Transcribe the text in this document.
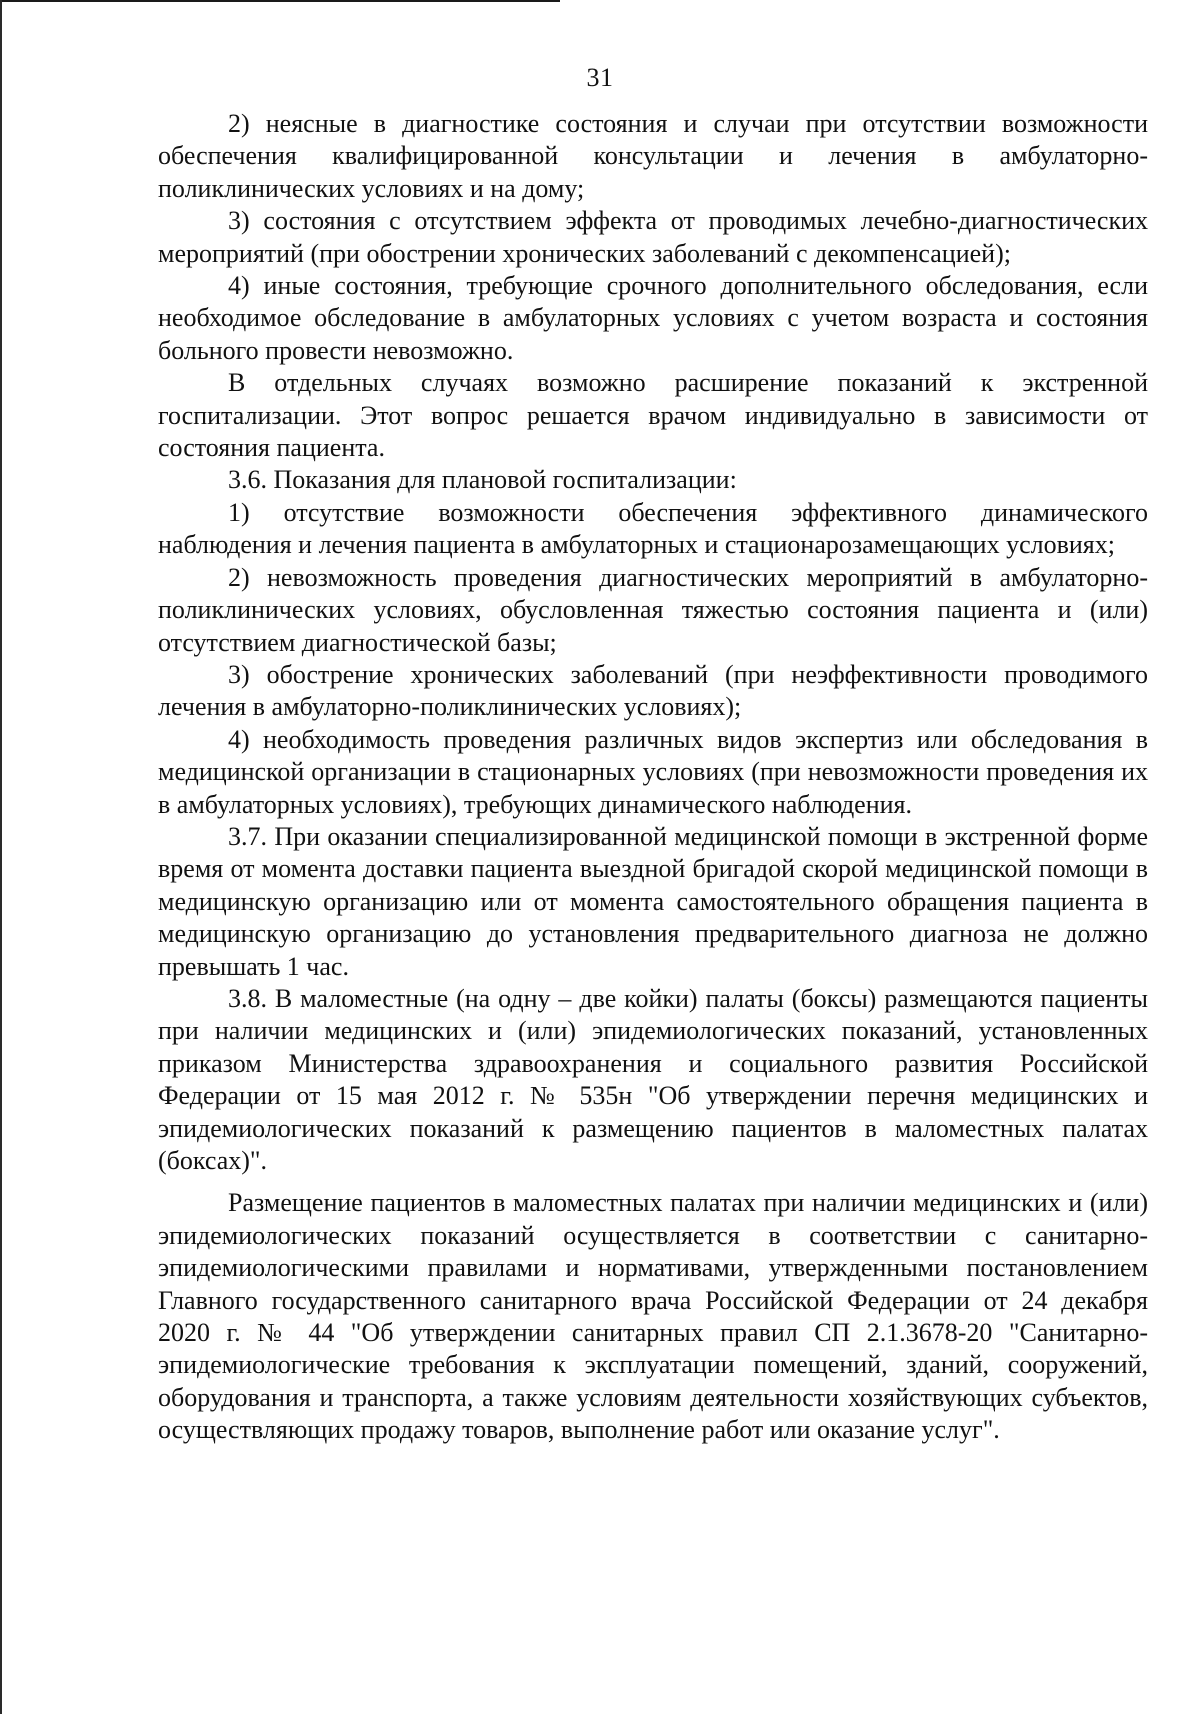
31

2) неясные в диагностике состояния и случаи при отсутствии возможности обеспечения квалифицированной консультации и лечения в амбулаторно-поликлинических условиях и на дому;

3) состояния с отсутствием эффекта от проводимых лечебно-диагностических мероприятий (при обострении хронических заболеваний с декомпенсацией);

4) иные состояния, требующие срочного дополнительного обследования, если необходимое обследование в амбулаторных условиях с учетом возраста и состояния больного провести невозможно.

В отдельных случаях возможно расширение показаний к экстренной госпитализации. Этот вопрос решается врачом индивидуально в зависимости от состояния пациента.

3.6. Показания для плановой госпитализации:

1) отсутствие возможности обеспечения эффективного динамического наблюдения и лечения пациента в амбулаторных и стационарозамещающих условиях;

2) невозможность проведения диагностических мероприятий в амбулаторно-поликлинических условиях, обусловленная тяжестью состояния пациента и (или) отсутствием диагностической базы;

3) обострение хронических заболеваний (при неэффективности проводимого лечения в амбулаторно-поликлинических условиях);

4) необходимость проведения различных видов экспертиз или обследования в медицинской организации в стационарных условиях (при невозможности проведения их в амбулаторных условиях), требующих динамического наблюдения.

3.7. При оказании специализированной медицинской помощи в экстренной форме время от момента доставки пациента выездной бригадой скорой медицинской помощи в медицинскую организацию или от момента самостоятельного обращения пациента в медицинскую организацию до установления предварительного диагноза не должно превышать 1 час.

3.8. В маломестные (на одну – две койки) палаты (боксы) размещаются пациенты при наличии медицинских и (или) эпидемиологических показаний, установленных приказом Министерства здравоохранения и социального развития Российской Федерации от 15 мая 2012 г. № 535н "Об утверждении перечня медицинских и эпидемиологических показаний к размещению пациентов в маломестных палатах (боксах)".

Размещение пациентов в маломестных палатах при наличии медицинских и (или) эпидемиологических показаний осуществляется в соответствии с санитарно-эпидемиологическими правилами и нормативами, утвержденными постановлением Главного государственного санитарного врача Российской Федерации от 24 декабря 2020 г. № 44 "Об утверждении санитарных правил СП 2.1.3678-20 "Санитарно-эпидемиологические требования к эксплуатации помещений, зданий, сооружений, оборудования и транспорта, а также условиям деятельности хозяйствующих субъектов, осуществляющих продажу товаров, выполнение работ или оказание услуг".
